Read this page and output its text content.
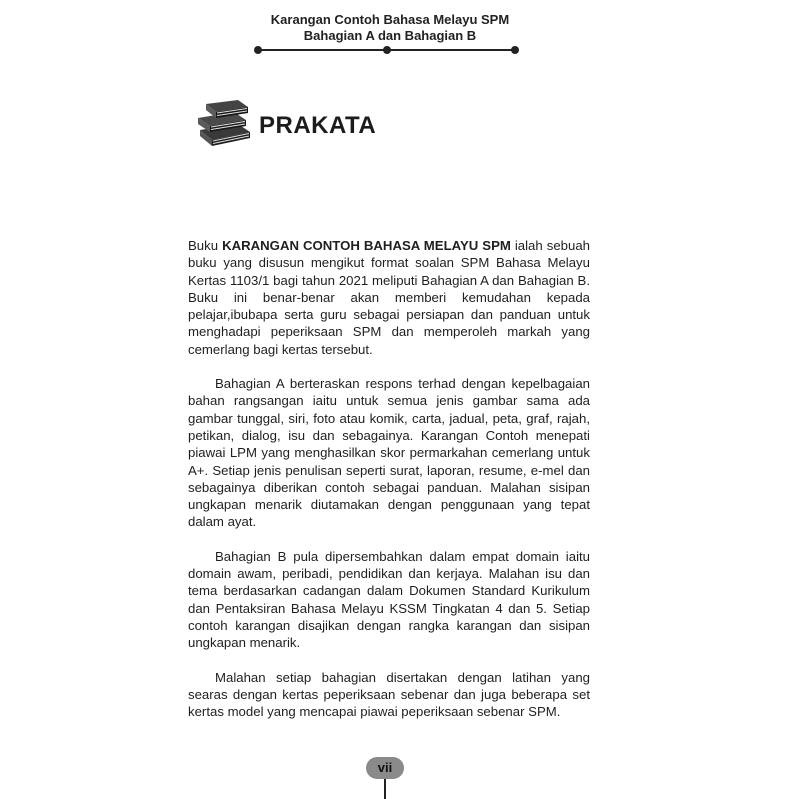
Karangan Contoh Bahasa Melayu SPM
Bahagian A dan Bahagian B
PRAKATA

Buku KARANGAN CONTOH BAHASA MELAYU SPM ialah sebuah buku yang disusun mengikut format soalan SPM Bahasa Melayu Kertas 1103/1 bagi tahun 2021 meliputi Bahagian A dan Bahagian B. Buku ini benar-benar akan memberi kemudahan kepada pelajar,ibubapa serta guru sebagai persiapan dan panduan untuk menghadapi peperiksaan SPM dan memperoleh markah yang cemerlang bagi kertas tersebut.

Bahagian A berteraskan respons terhad dengan kepelbagaian bahan rangsangan iaitu untuk semua jenis gambar sama ada gambar tunggal, siri, foto atau komik, carta, jadual, peta, graf, rajah, petikan, dialog, isu dan sebagainya. Karangan Contoh menepati piawai LPM yang menghasilkan skor permarkahan cemerlang untuk A+. Setiap jenis penulisan seperti surat, laporan, resume, e-mel dan sebagainya diberikan contoh sebagai panduan. Malahan sisipan ungkapan menarik diutamakan dengan penggunaan yang tepat dalam ayat.

Bahagian B pula dipersembahkan dalam empat domain iaitu domain awam, peribadi, pendidikan dan kerjaya. Malahan isu dan tema berdasarkan cadangan dalam Dokumen Standard Kurikulum dan Pentaksiran Bahasa Melayu KSSM Tingkatan 4 dan 5. Setiap contoh karangan disajikan dengan rangka karangan dan sisipan ungkapan menarik.

Malahan setiap bahagian disertakan dengan latihan yang searas dengan kertas peperiksaan sebenar dan juga beberapa set kertas model yang mencapai piawai peperiksaan sebenar SPM.

vii
